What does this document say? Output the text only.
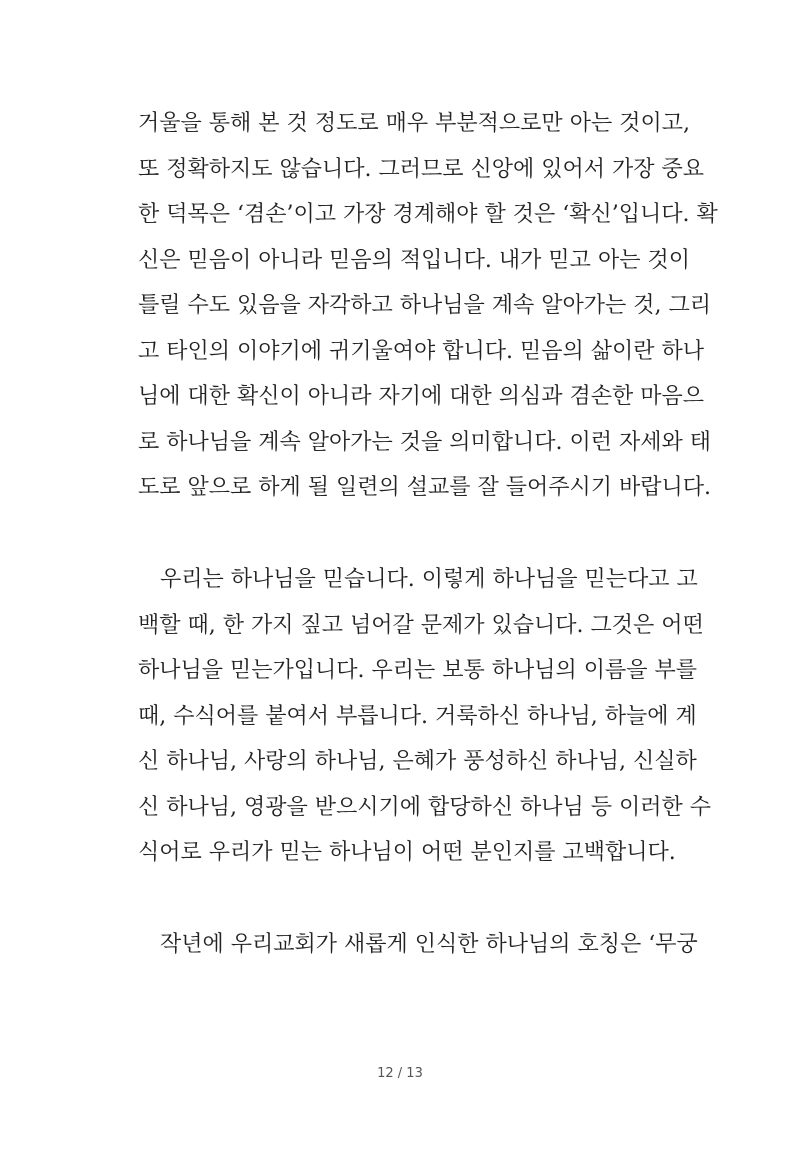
거울을 통해 본 것 정도로 매우 부분적으로만 아는 것이고,
또 정확하지도 않습니다. 그러므로 신앙에 있어서 가장 중요
한 덕목은 ‘겸손’이고 가장 경계해야 할 것은 ‘확신’입니다. 확
신은 믿음이 아니라 믿음의 적입니다. 내가 믿고 아는 것이
틀릴 수도 있음을 자각하고 하나님을 계속 알아가는 것, 그리
고 타인의 이야기에 귀기울여야 합니다. 믿음의 삶이란 하나
님에 대한 확신이 아니라 자기에 대한 의심과 겸손한 마음으
로 하나님을 계속 알아가는 것을 의미합니다. 이런 자세와 태
도로 앞으로 하게 될 일련의 설교를 잘 들어주시기 바랍니다.
우리는 하나님을 믿습니다. 이렇게 하나님을 믿는다고 고
백할 때, 한 가지 짚고 넘어갈 문제가 있습니다. 그것은 어떤
하나님을 믿는가입니다. 우리는 보통 하나님의 이름을 부를
때, 수식어를 붙여서 부릅니다. 거룩하신 하나님, 하늘에 계
신 하나님, 사랑의 하나님, 은혜가 풍성하신 하나님, 신실하
신 하나님, 영광을 받으시기에 합당하신 하나님 등 이러한 수
식어로 우리가 믿는 하나님이 어떤 분인지를 고백합니다.
작년에 우리교회가 새롭게 인식한 하나님의 호칭은 ‘무궁
12 / 13
